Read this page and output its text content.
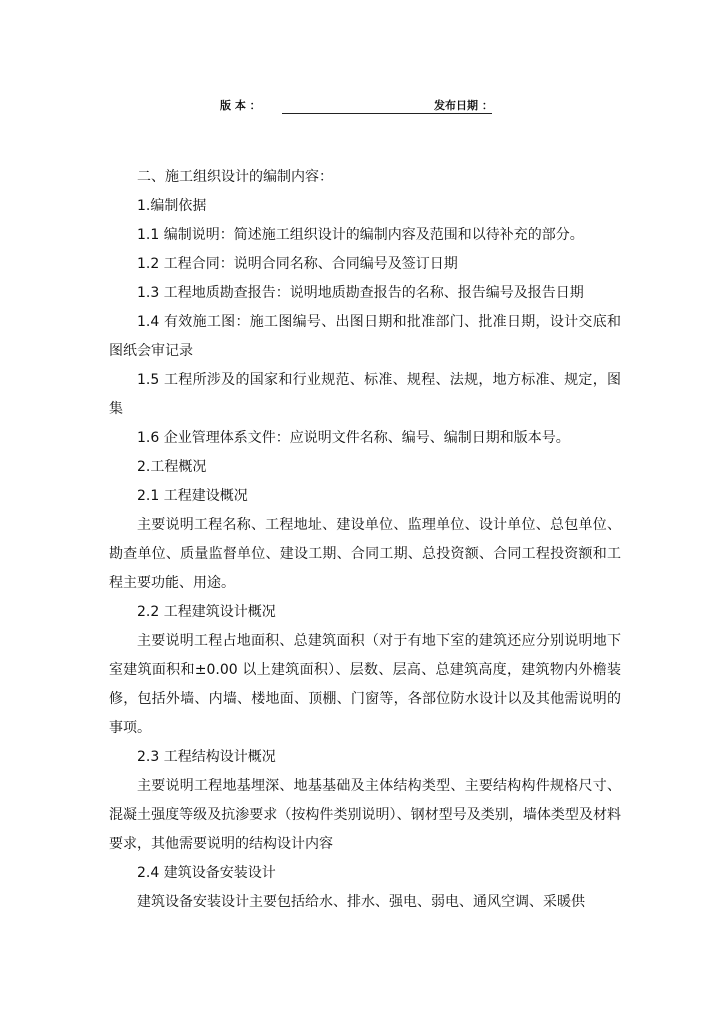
版 本 ：	发布日期 ：

二、施工组织设计的编制内容：

1.编制依据

1.1 编制说明：简述施工组织设计的编制内容及范围和以待补充的部分。

1.2 工程合同：说明合同名称、合同编号及签订日期

1.3 工程地质勘查报告：说明地质勘查报告的名称、报告编号及报告日期

1.4 有效施工图：施工图编号、出图日期和批准部门、批准日期，设计交底和图纸会审记录

1.5 工程所涉及的国家和行业规范、标准、规程、法规，地方标准、规定，图集

1.6 企业管理体系文件：应说明文件名称、编号、编制日期和版本号。

2.工程概况

2.1 工程建设概况

主要说明工程名称、工程地址、建设单位、监理单位、设计单位、总包单位、勘查单位、质量监督单位、建设工期、合同工期、总投资额、合同工程投资额和工程主要功能、用途。

2.2 工程建筑设计概况

主要说明工程占地面积、总建筑面积（对于有地下室的建筑还应分别说明地下室建筑面积和±0.00 以上建筑面积）、层数、层高、总建筑高度，建筑物内外檐装修，包括外墙、内墙、楼地面、顶棚、门窗等，各部位防水设计以及其他需说明的事项。

2.3 工程结构设计概况

主要说明工程地基埋深、地基基础及主体结构类型、主要结构构件规格尺寸、混凝土强度等级及抗渗要求（按构件类别说明）、钢材型号及类别，墙体类型及材料要求，其他需要说明的结构设计内容

2.4 建筑设备安装设计

建筑设备安装设计主要包括给水、排水、强电、弱电、通风空调、采暖供
